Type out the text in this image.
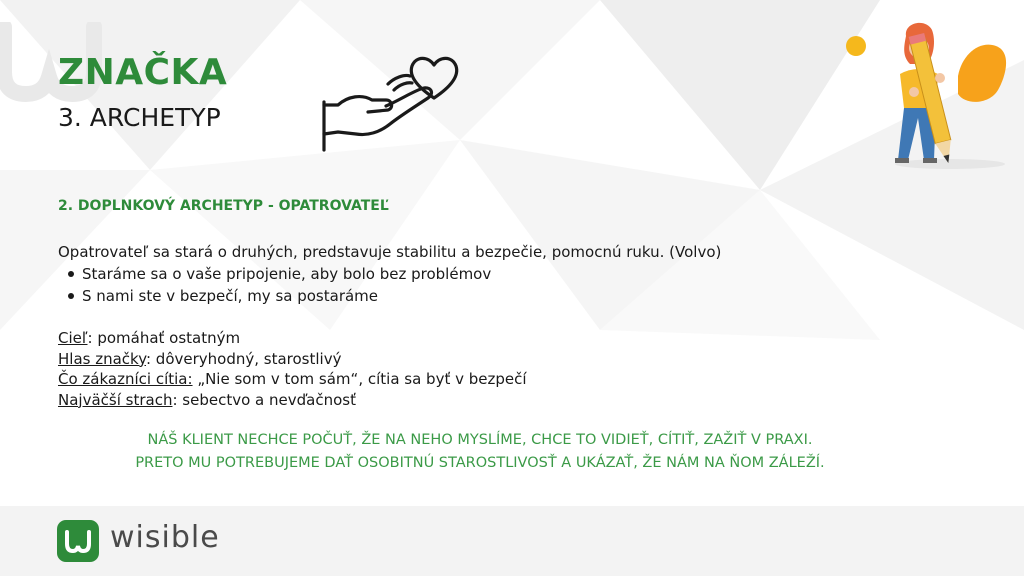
ZNAČKA
3. ARCHETYP
2. DOPLNKOVÝ ARCHETYP - OPATROVATEĽ
Opatrovateľ sa stará o druhých, predstavuje stabilitu a bezpečie, pomocnú ruku. (Volvo)
Staráme sa o vaše pripojenie, aby bolo bez problémov
S nami ste v bezpečí, my sa postaráme
Cieľ: pomáhať ostatným
Hlas značky: dôveryhodný, starostlivý
Čo zákazníci cítia: „Nie som v tom sám“, cítia sa byť v bezpečí
Najväčší strach: sebectvo a nevďačnosť
NÁŠ KLIENT NECHCE POČUŤ, ŽE NA NEHO MYSLÍME, CHCE TO VIDIEŤ, CÍTIŤ, ZAŽIŤ V PRAXI.
PRETO MU POTREBUJEME DAŤ OSOBITNÚ STAROSTLIVOSŤ A UKÁZAŤ, ŽE NÁM NA ŇOM ZÁLEŽÍ.
wisible
